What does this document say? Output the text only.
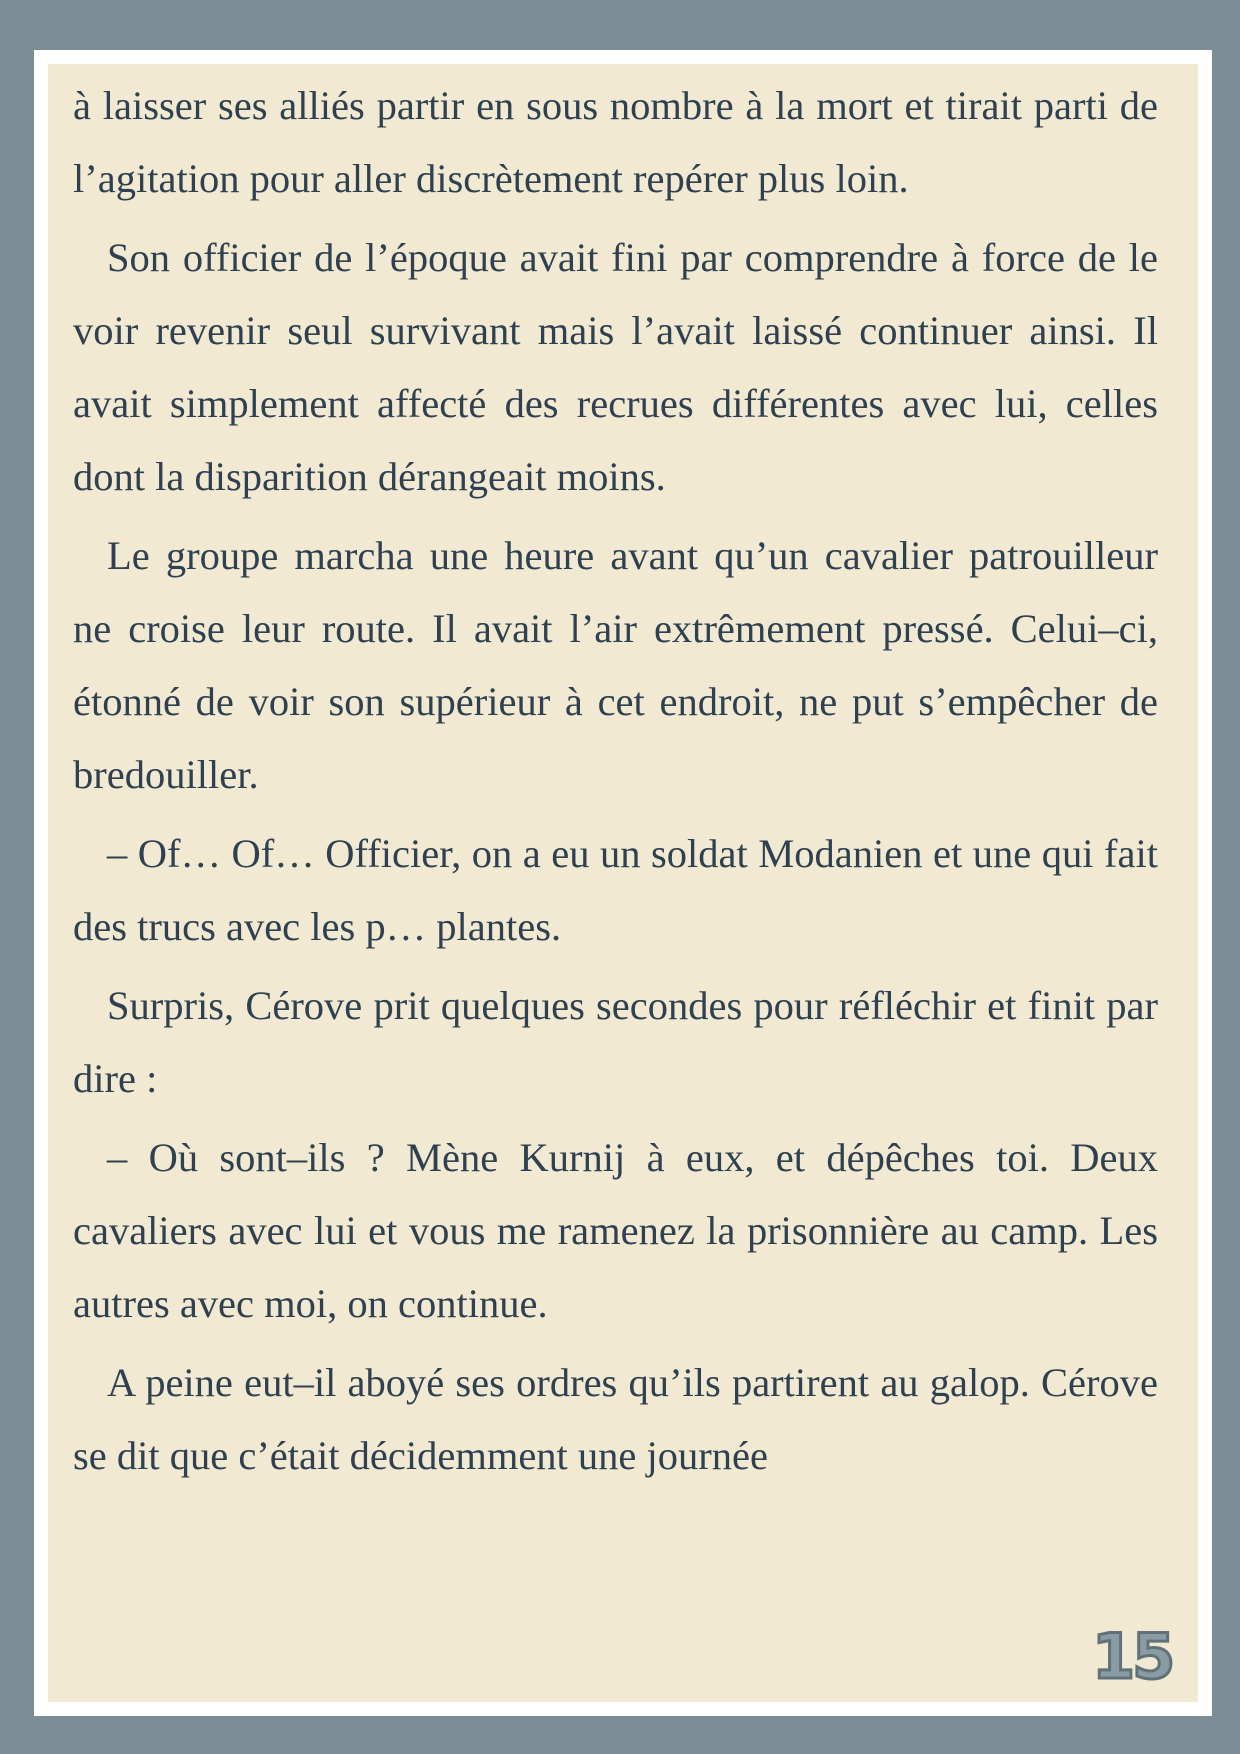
à laisser ses alliés partir en sous nombre à la mort et tirait parti de l’agitation pour aller discrètement repérer plus loin.

Son officier de l’époque avait fini par comprendre à force de le voir revenir seul survivant mais l’avait laissé continuer ainsi. Il avait simplement affecté des recrues différentes avec lui, celles dont la disparition dérangeait moins.

Le groupe marcha une heure avant qu’un cavalier patrouilleur ne croise leur route. Il avait l’air extrêmement pressé. Celui–ci, étonné de voir son supérieur à cet endroit, ne put s’empêcher de bredouiller.

– Of… Of… Officier, on a eu un soldat Modanien et une qui fait des trucs avec les p… plantes.

Surpris, Cérove prit quelques secondes pour réfléchir et finit par dire :

– Où sont–ils ? Mène Kurnij à eux, et dépêches toi. Deux cavaliers avec lui et vous me ramenez la prisonnière au camp. Les autres avec moi, on continue.

A peine eut–il aboyé ses ordres qu’ils partirent au galop. Cérove se dit que c’était décidemment une journée

15
